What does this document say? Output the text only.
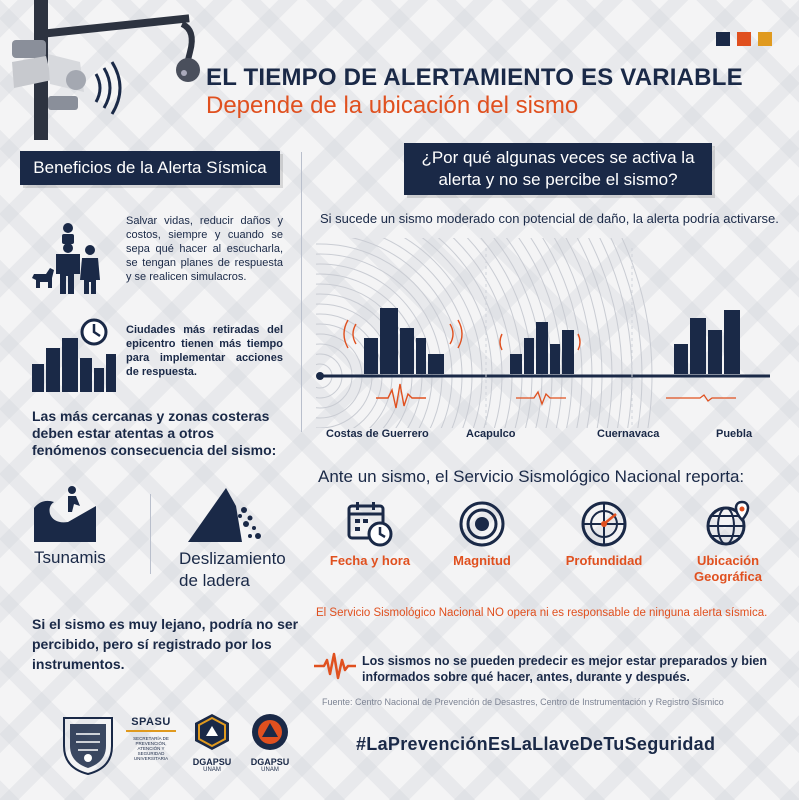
EL TIEMPO DE ALERTAMIENTO ES VARIABLE
Depende de la ubicación del sismo
Beneficios de la Alerta Sísmica
¿Por qué algunas veces se activa la alerta y no se percibe el sismo?
Salvar vidas, reducir daños y costos, siempre y cuando se sepa qué hacer al escucharla, se tengan planes de respuesta y se realicen simulacros.
Ciudades más retiradas del epicentro tienen más tiempo para implementar acciones de respuesta.
Las más cercanas y zonas costeras deben estar atentas a otros fenómenos consecuencia del sismo:
Tsunamis	Deslizamiento de ladera
Si el sismo es muy lejano, podría no ser percibido, pero sí registrado por los instrumentos.
Si sucede un sismo moderado con potencial de daño, la alerta podría activarse.
Costas de Guerrero	Acapulco	Cuernavaca	Puebla
Ante un sismo, el Servicio Sismológico Nacional reporta:
Fecha y hora	Magnitud	Profundidad	Ubicación Geográfica
El Servicio Sismológico Nacional NO opera ni es responsable de ninguna alerta sísmica.
Los sismos no se pueden predecir es mejor estar preparados y bien informados sobre qué hacer, antes, durante y después.
Fuente: Centro Nacional de Prevención de Desastres, Centro de Instrumentación y Registro Sísmico
#LaPrevenciónEsLaLlaveDeTuSeguridad
SPASU
SECRETARÍA DE PREVENCIÓN, ATENCIÓN Y SEGURIDAD UNIVERSITARIA	DGAPSU
UNAM
DGAPSU
UNAM
